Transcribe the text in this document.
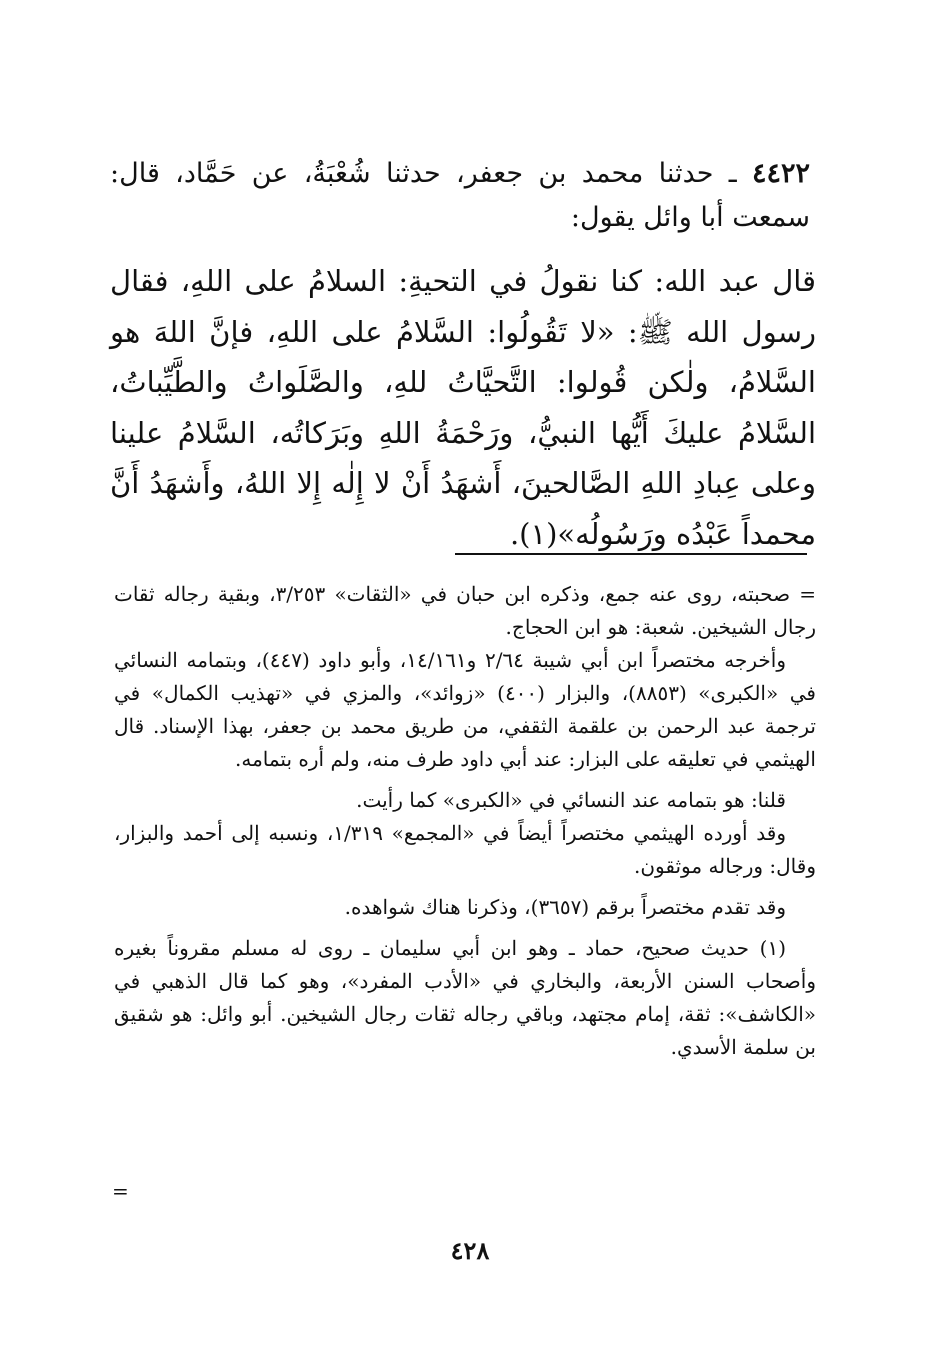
٤٤٢٢ ـ حدثنا محمد بن جعفر، حدثنا شُعْبَةُ، عن حَمَّاد، قال: سمعت أبا وائل يقول:

قال عبد الله: كنا نقولُ في التحيةِ: السلامُ على اللهِ، فقال رسول الله ﷺ: «لا تَقُولُوا: السَّلامُ على اللهِ، فإنَّ اللهَ هو السَّلامُ، ولٰكن قُولوا: التَّحيَّاتُ للهِ، والصَّلَواتُ والطَّيِّباتُ، السَّلامُ عليكَ أَيُّها النبيُّ، ورَحْمَةُ اللهِ وبَرَكاتُه، السَّلامُ علينا وعلى عِبادِ اللهِ الصَّالحينَ، أَشهَدُ أَنْ لا إِلٰه إِلا اللهُ، وأَشهَدُ أَنَّ محمداً عَبْدُه ورَسُولُه»(١).

= صحبته، روى عنه جمع، وذكره ابن حبان في «الثقات» ٣/٢٥٣، وبقية رجاله ثقات رجال الشيخين. شعبة: هو ابن الحجاج.

وأخرجه مختصراً ابن أبي شيبة ٢/٦٤ و١٤/١٦١، وأبو داود (٤٤٧)، وبتمامه النسائي في «الكبرى» (٨٨٥٣)، والبزار (٤٠٠) «زوائد»، والمزي في «تهذيب الكمال» في ترجمة عبد الرحمن بن علقمة الثقفي، من طريق محمد بن جعفر، بهذا الإسناد. قال الهيثمي في تعليقه على البزار: عند أبي داود طرف منه، ولم أره بتمامه.

قلنا: هو بتمامه عند النسائي في «الكبرى» كما رأيت.

وقد أورده الهيثمي مختصراً أيضاً في «المجمع» ١/٣١٩، ونسبه إلى أحمد والبزار، وقال: ورجاله موثقون.

وقد تقدم مختصراً برقم (٣٦٥٧)، وذكرنا هناك شواهده.

(١) حديث صحيح، حماد ـ وهو ابن أبي سليمان ـ روى له مسلم مقروناً بغيره وأصحاب السنن الأربعة، والبخاري في «الأدب المفرد»، وهو كما قال الذهبي في «الكاشف»: ثقة، إمام مجتهد، وباقي رجاله ثقات رجال الشيخين. أبو وائل: هو شقيق بن سلمة الأسدي.

=
٤٢٨
